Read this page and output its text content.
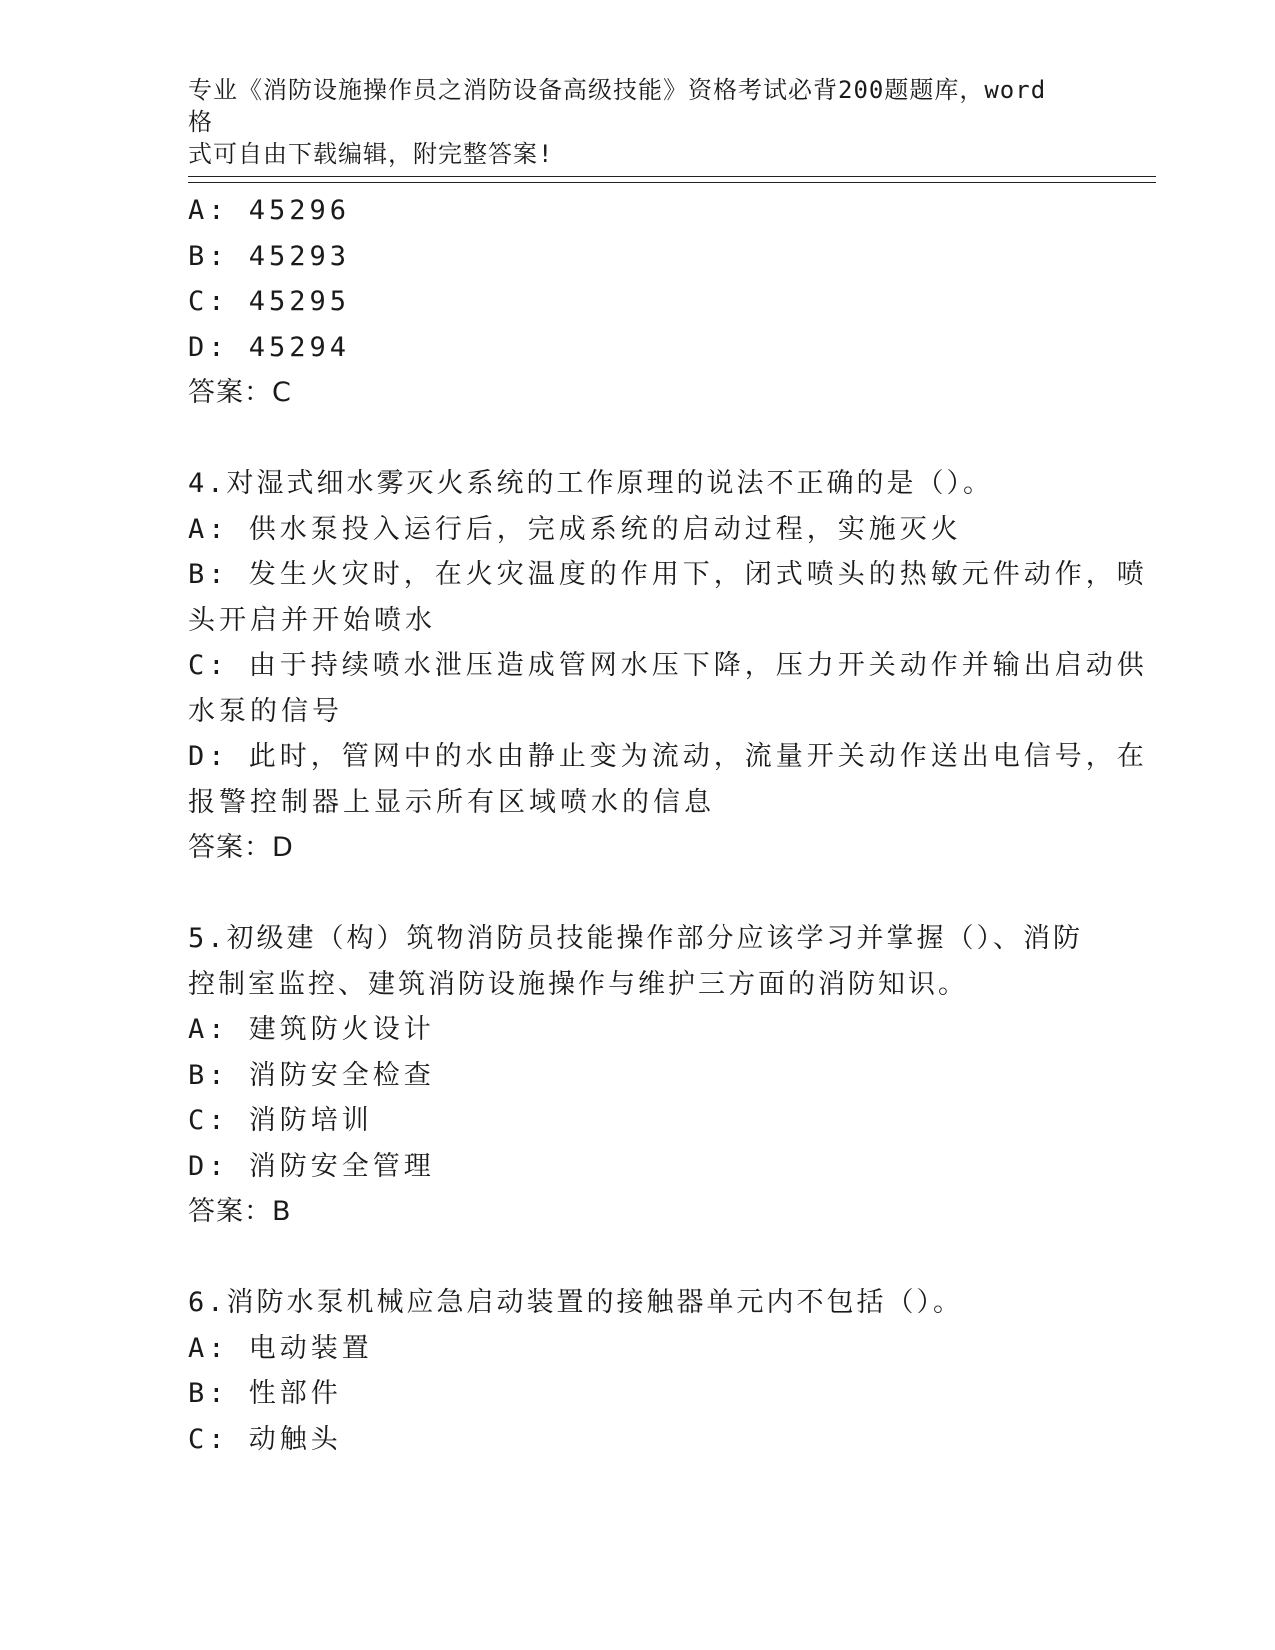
专业《消防设施操作员之消防设备高级技能》资格考试必背200题题库，word格
式可自由下载编辑，附完整答案!
A: 45296
B: 45293
C: 45295
D: 45294
答案：C
4.对湿式细水雾灭火系统的工作原理的说法不正确的是（）。
A: 供水泵投入运行后，完成系统的启动过程，实施灭火
B: 发生火灾时，在火灾温度的作用下，闭式喷头的热敏元件动作，喷
头开启并开始喷水
C: 由于持续喷水泄压造成管网水压下降，压力开关动作并输出启动供
水泵的信号
D: 此时，管网中的水由静止变为流动，流量开关动作送出电信号，在
报警控制器上显示所有区域喷水的信息
答案：D
5.初级建（构）筑物消防员技能操作部分应该学习并掌握（）、消防
控制室监控、建筑消防设施操作与维护三方面的消防知识。
A: 建筑防火设计
B: 消防安全检查
C: 消防培训
D: 消防安全管理
答案：B
6.消防水泵机械应急启动装置的接触器单元内不包括（）。
A: 电动装置
B: 性部件
C: 动触头
